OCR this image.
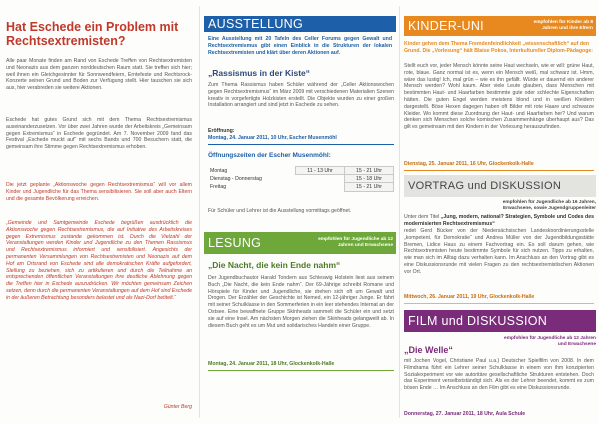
Hat Eschede ein Problem mit Rechtsextremisten?
Alle paar Monate finden am Rand von Eschede Treffen von Rechtsextremisten und Neonazis aus dem ganzen norddeutschen Raum statt. Sie treffen sich hier; weil ihnen ein Gleichgesinnter für Sonnwendfeiern, Erntefeste und Rechtsrock-Konzerte seinen Grund und Boden zur Verfügung stellt. Hier tauschen sie sich aus, hier verabreden sie weitere Aktionen.
Eschede hat gutes Grund sich mit dem Thema Rechtsextremismus auseinanderzusetzen. Vor über zwei Jahren wurde der Arbeitskreis „Gemeinsam gegen Extremismus“ in Eschede gegründet. Am 7. November 2009 fand das Festival „Eschede muckt auf“ mit sechs Bands und 700 Besuchern statt, die gemeinsam ihre Stimme gegen Rechtsextremismus erhoben.
Die jetzt geplante „Aktionswoche gegen Rechtsextremismus“ will vor allem Kinder und Jugendliche für das Thema sensibilisieren. Sie soll aber auch Eltern und die gesamte Bevölkerung erreichen.
„Gemeinde und Samtgemeinde Eschede begrüßen ausdrücklich die Aktionswoche gegen Rechtsextremismus, die auf Initiative des Arbeitskreises gegen Extremismus zustande gekommen ist. Durch die Vielzahl der Veranstaltungen werden Kinder und Jugendliche zu den Themen Rassismus und Rechtsextremismus informiert und sensibilisiert. Angesichts der permanenten Versammlungen von Rechtsextremisten und Neonazis auf dem Hof am Ortsrand von Eschede sind alle demokratischen Kräfte aufgefordert, Stellung zu beziehen, sich zu artikulieren und durch die Teilnahme an entsprechenden öffentlichen Veranstaltungen ihre deutliche Ablehnung gegen die Treffen hier in Eschede auszudrücken. Wir möchten gemeinsam Zeichen setzen, denn durch die permanenten Veranstaltungen auf dem Hof sind Eschede in der äußeren Betrachtung besonders belastet und als Nazi-Dorf betitelt.“
Günter Berg
AUSSTELLUNG
Eine Ausstellung mit 20 Tafeln des Celler Forums gegen Gewalt und Rechtsextremismus gibt einen Einblick in die Strukturen der lokalen Rechtsextremisten und klärt über deren Aktionen auf.
„Rassismus in der Kiste“
Zum Thema Rassismus haben Schüler während der „Celler Aktionswochen gegen Rechtsextremismus“ im März 2009 mit verschiedenen Materialien Szenen kreativ in vorgefertigte Holzkisten erstellt. Die Objekte wurden zu einer großen Installation arrangiert und sind jetzt in Eschede zu sehen.
Eröffnung:
Montag, 24. Januar 2011, 10 Uhr, Escher Musenmöhl
Öffnungszeiten der Escher Musenmöhl:
Montag	11 - 13 Uhr	15 - 21 Uhr
Dienstag - Donnerstag		15 - 18 Uhr
Freitag		15 - 21 Uhr
Für Schüler und Lehrer ist die Ausstellung vormittags geöffnet.
LESUNG	empfohlen für Jugendliche ab 12 Jahren und Erwachsene
„Die Nacht, die kein Ende nahm“
Der Jugendbuchautor Harald Tondern aus Schleswig Holstein liest aus seinem Buch „Die Nacht, die kein Ende nahm“. Der 69-Jährige schreibt Romane und Hörspiele für Kinder und Jugendliche, sie drehen sich oft um Gewalt und Drogen. Der Erzähler der Geschichte ist Nemed, ein 12-jähriger Junge. Er fährt mit seiner Schulklasse in den Sommerferien in ein leer stehendes Internat an der Ostsee. Eine bewaffnete Gruppe Skinheads sammelt die Schüler ein und setzt sie auf eine Insel. Am nächsten Morgen ziehen die Skinheads gelangweilt ab. In diesem Buch geht es um Mut und solidarisches Handeln einer Gruppe.
Montag, 24. Januar 2011, 18 Uhr, Glockenkolk-Halle
KINDER-UNI	empfohlen für Kinder ab 8 Jahren und ihre Eltern
Kinder gehen dem Thema Fremdenfeindlichkeit „wissenschaftlich“ auf den Grund. Die „Vorlesung“ hält Blaise Pokos, Interkultureller Diplom-Pädagoge:
Stellt euch vor, jeder Mensch könnte seine Haut wechseln, wie er will: grüne Haut, rote, blaue. Ganz normal ist es, wenn ein Mensch weiß, mal schwarz ist. Hmm, wäre das lustig! Ich, mal grün – wie es ihn gefällt. Würde er dauernd ein anderer Mensch werden? Wohl kaum. Aber viele Leute glauben, dass Menschen mit bestimmten Haut- und Haarfarben bestimmte gute oder schlechte Eigenschaften hätten. Die guten Engel werden meistens blond und in weißen Kleidern dargestellt. Böse Hexen dagegen haben oft Bilder mit rote Haare und schwarze Kleider. Wo kommt diese Zuordnung der Haut- und Haarfarben her? Und warum denken sich Menschen solche komischen Zusammenhänge überhaupt aus? Das gilt es gemeinsam mit den Kindern in der Vorlesung herauszufinden.
Dienstag, 25. Januar 2011, 16 Uhr, Glockenkolk-Halle
VORTRAG und DISKUSSION
empfohlen für Jugendliche ab 16 Jahren, Erwachsene, sowie Jugendgruppenleiter
Unter dem Titel „Jung, modern, national? Strategien, Symbole und Codes des modernisierten Rechtsextremismus“
redet Gerd Bücker von der Niedersächsischen Landeskoordinierungsstelle „kompetent. für Demokratie“ und Andrea Müller von der Jugendbildungsstätte Bremen, Lidice Haus zu einem Fachvortrag ein. Es soll darum gehen, wie Rechtsextremisten heute bestimmte Symbole für sich nutzen. Tipps zu erhalten, wie man sich im Alltag dazu verhalten kann. Im Anschluss an den Vortrag gibt es eine Diskussionsrunde mit vielen Fragen zu den rechtsextremistischen Aktionen vor Ort.
Mittwoch, 26. Januar 2011, 19 Uhr, Glockenkolk-Halle
FILM und DISKUSSION
empfohlen für Jugendliche ab 12 Jahren und Erwachsene
„Die Welle“
mit Jochen Vogel, Christiane Paul u.a.) Deutscher Spielfilm von 2008. In dem Filmdrama führt ein Lehrer seiner Schulklasse in einem von ihm konzipierten Sozialexperiment vor wie autoritäre gesellschaftliche Strukturen entstehen. Doch das Experiment verselbstständigt sich. Als es der Lehrer beendet, kommt es zum bösen Ende … Im Anschluss an den Film gibt es eine Diskussionsrunde.
Donnerstag, 27. Januar 2011, 18 Uhr, Aula Schule
